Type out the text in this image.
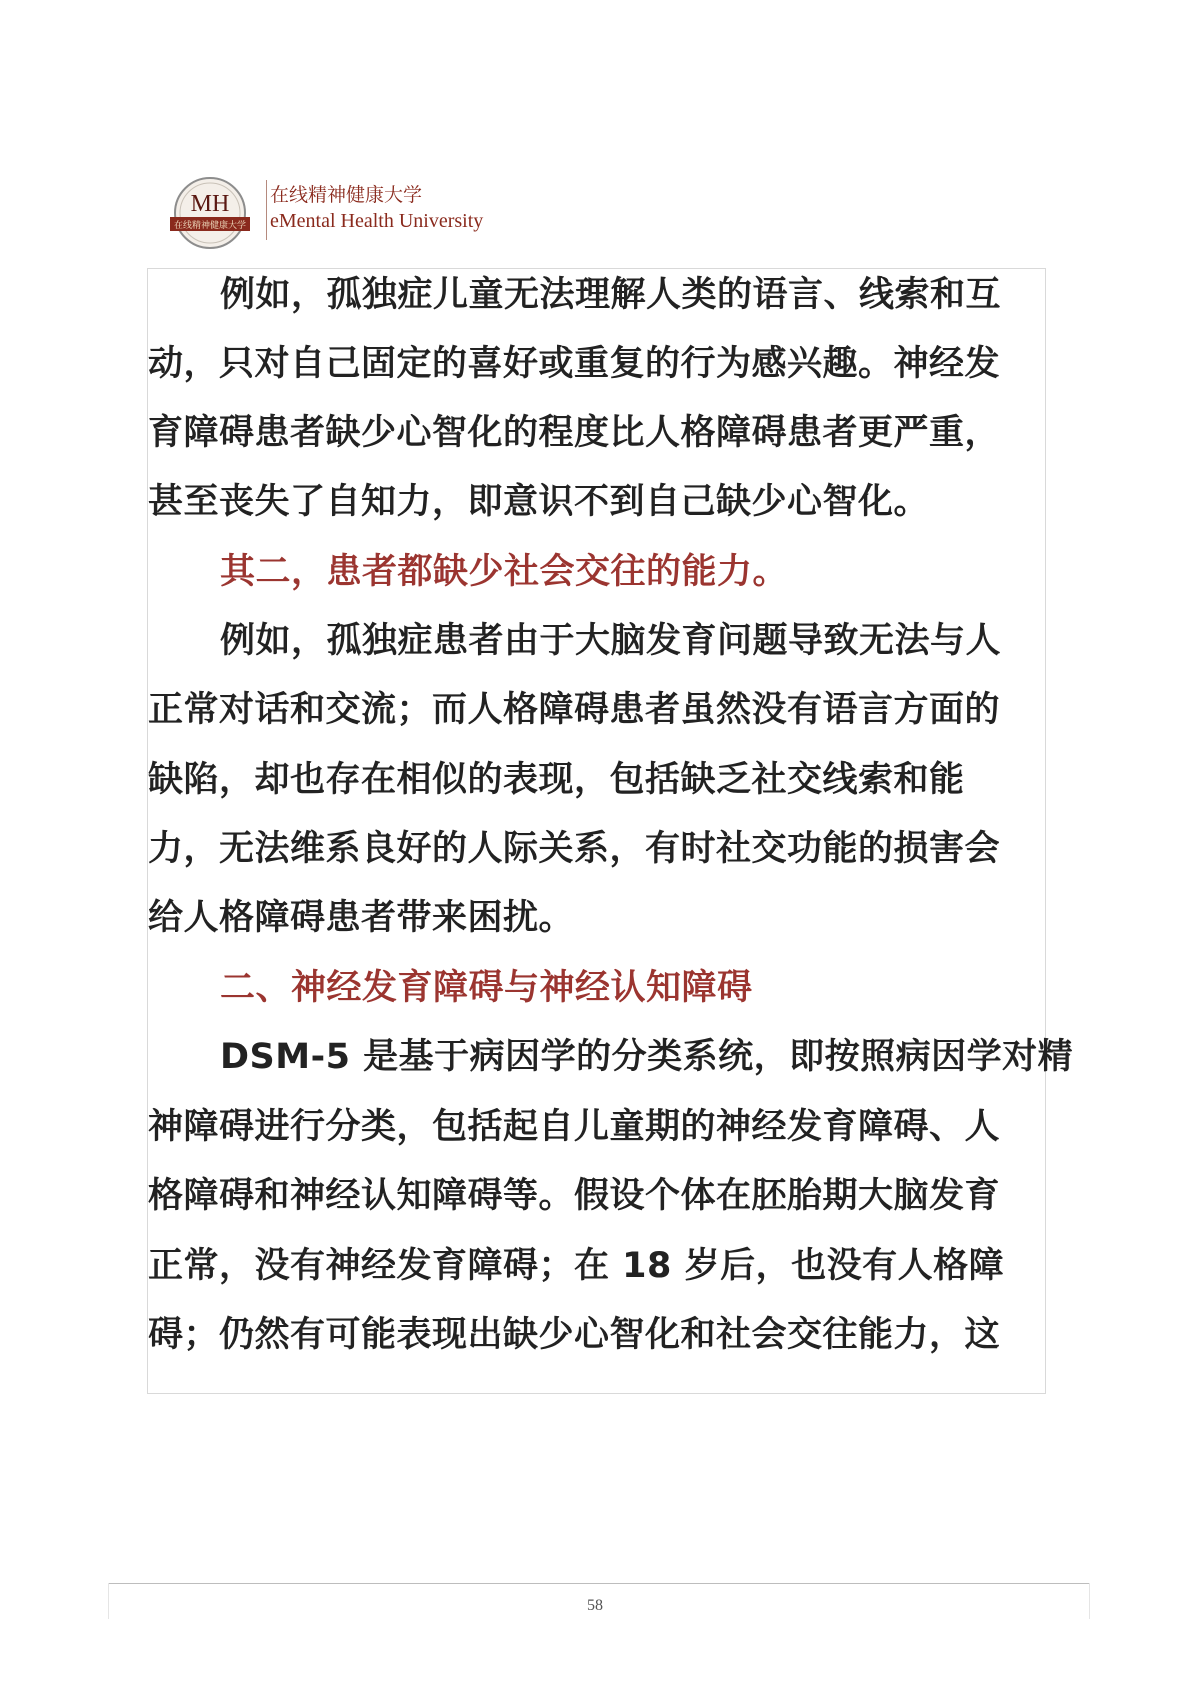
MH
在线精神健康大学
在线精神健康大学
eMental Health University
例如，孤独症儿童无法理解人类的语言、线索和互
动，只对自己固定的喜好或重复的行为感兴趣。神经发
育障碍患者缺少心智化的程度比人格障碍患者更严重，
甚至丧失了自知力，即意识不到自己缺少心智化。
其二，患者都缺少社会交往的能力。
例如，孤独症患者由于大脑发育问题导致无法与人
正常对话和交流；而人格障碍患者虽然没有语言方面的
缺陷，却也存在相似的表现，包括缺乏社交线索和能
力，无法维系良好的人际关系，有时社交功能的损害会
给人格障碍患者带来困扰。
二、神经发育障碍与神经认知障碍
DSM-5 是基于病因学的分类系统，即按照病因学对精
神障碍进行分类，包括起自儿童期的神经发育障碍、人
格障碍和神经认知障碍等。假设个体在胚胎期大脑发育
正常，没有神经发育障碍；在 18 岁后，也没有人格障
碍；仍然有可能表现出缺少心智化和社会交往能力，这
58
